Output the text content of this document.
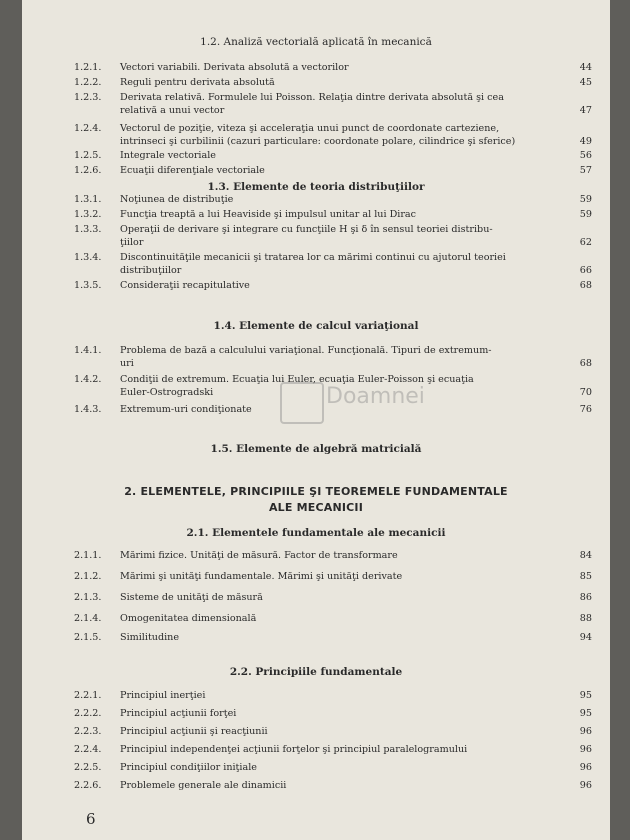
1.2. Analiză vectorială aplicată în mecanică
1.2.1.	Vectori variabili. Derivata absolută a vectorilor	44
1.2.2.	Reguli pentru derivata absolută	45
1.2.3.	Derivata relativă. Formulele lui Poisson. Relaţia dintre derivata absolută şi cea
relativă a unui vector	47
1.2.4.	Vectorul de poziţie, viteza şi acceleraţia unui punct de coordonate carteziene,
intrinseci şi curbilinii (cazuri particulare: coordonate polare, cilindrice şi sferice)	49
1.2.5.	Integrale vectoriale	56
1.2.6.	Ecuaţii diferenţiale vectoriale	57
1.3.1.	Noţiunea de distribuţie	59
1.3.2.	Funcţia treaptă a lui Heaviside şi impulsul unitar al lui Dirac	59
1.3.3.	Operaţii de derivare şi integrare cu funcţiile H şi δ în sensul teoriei distribu-
ţiilor	62
1.3.4.	Discontinuităţile mecanicii şi tratarea lor ca mărimi continui cu ajutorul teoriei
distribuţiilor	66
1.3.5.	Consideraţii recapitulative	68
1.4.1.	Problema de bază a calculului variaţional. Funcţională. Tipuri de extremum-
uri	68
1.4.2.	Condiţii de extremum. Ecuaţia lui Euler, ecuaţia Euler-Poisson şi ecuaţia
Euler-Ostrogradski	70
1.4.3.	Extremum-uri condiţionate	76
2.1.1.	Mărimi fizice. Unităţi de măsură. Factor de transformare	84
2.1.2.	Mărimi şi unităţi fundamentale. Mărimi şi unităţi derivate	85
2.1.3.	Sisteme de unităţi de măsură	86
2.1.4.	Omogenitatea dimensională	88
2.1.5.	Similitudine	94
2.2.1.	Principiul inerţiei	95
2.2.2.	Principiul acţiunii forţei	95
2.2.3.	Principiul acţiunii şi reacţiunii	96
2.2.4.	Principiul independenţei acţiunii forţelor şi principiul paralelogramului	96
2.2.5.	Principiul condiţiilor iniţiale	96
2.2.6.	Problemele generale ale dinamicii	96
1.3. Elemente de teoria distribuţiilor
1.4. Elemente de calcul variaţional
1.5. Elemente de algebră matricială
2. ELEMENTELE, PRINCIPIILE ŞI TEOREMELE FUNDAMENTALE
ALE MECANICII
2.1. Elementele fundamentale ale mecanicii
2.2. Principiile fundamentale
Doamnei
6
